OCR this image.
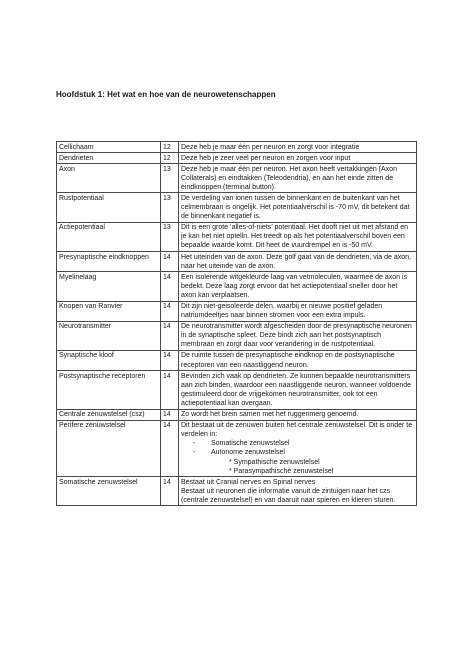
Hoofdstuk 1: Het wat en hoe van de neurowetenschappen
Cellichaam	12	Deze heb je maar één per neuron en zorgt voor integratie
Dendrieten	12	Deze heb je zeer veel per neuron en zorgen voor input
Axon	13	Deze heb je maar één per neuron. Het axon heeft vertakkingen (Axon Collaterals) en eindtakken (Teleodendria), en aan het einde zitten de eindknoppen (terminal button).
Rustpotentiaal	13	De verdeling van ionen tussen de binnenkant en de buitenkant van het celmembraan is ongelijk. Het potentiaalverschil is -70 mV, dit betekent dat de binnenkant negatief is.
Actiepotentiaal	13	Dit is een grote ‘alles-of-niets’ potentiaal. Het dooft niet uit met afstand en je kan het niet optelln. Het treedt op als het potentiaalverschil boven een bepaalde waarde komt. Dit heet de vuurdrempel en is -50 mV.
Presynaptische eindknoppen	14	Het uiteinden van de axon. Deze golf gaat van de dendrieten, via de axon, naar het uiteinde van de axon.
Myelinelaag	14	Een isolerende witgekleurde laag van vetmoleculen, waarmee de axon is bedekt. Deze laag zorgt ervoor dat het actiepotentiaal sneller door het axon kan verplaatsen.
Knopen van Ranvier	14	Dit zijn niet-geisoleerde delen, waarbij er nieuwe positief geladen natriumdeeltjes naar binnen stromen voor een extra impuls.
Neurotransmitter	14	De neurotransmitter wordt afgescheiden door de presynaptische neuronen in de synaptische spleet. Deze bindt zich aan het postsynaptisch membraan en zorgt daar voor verandering in de rustpotentiaal.
Synaptische kloof	14	De ruimte tussen de presynaptische eindknop en de postsynaptische receptoren van een naastliggend neuron.
Postsynaptische receptoren	14	Bevinden zich vaak op dendrieten. Ze kunnen bepaalde neurotransmitters aan zich binden, waardoor een naastliggende neuron, wanneer voldoende gestimuleerd door de vrijgekomen neurotransmitter, ook tot een actiepotentiaal kan overgaan.
Centrale zenuwstelsel (csz)	14	Zo wordt het brein samen met het ruggenmerg genoemd.
Perifere zenuwstelsel	14	Dit bestaat uit de zenuwen buiten het centrale zenuwstelsel. Dit is onder te verdelen in:
- Somatische zenuwstelsel
- Autonome zenuwstelsel
* Sympathische zenuwstelsel
* Parasympathische zenuwstelsel

Somatische zenuwstelsel	14	Bestaat uit Cranial nerves en Spinal nerves
Bestaat uit neuronen die informatie vanuit de zintuigen naar het czs (centrale zenuwstelsel) en van daaruit naar spieren en klieren sturen.
